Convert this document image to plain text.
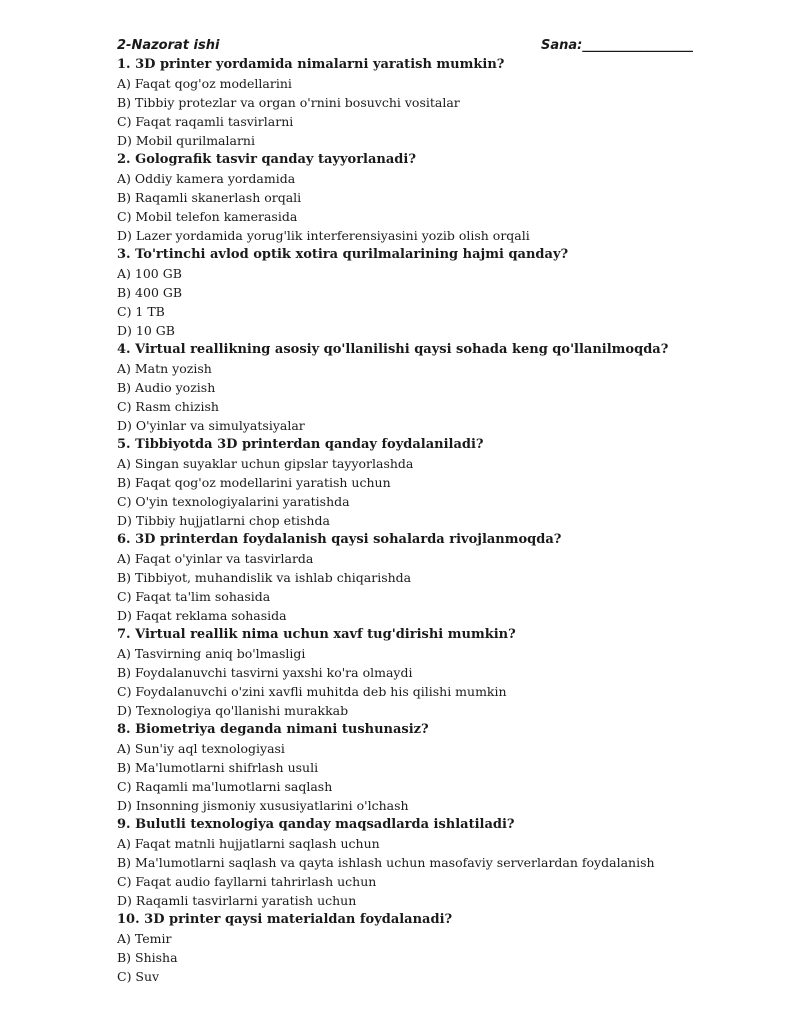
2-Nazorat ishi	Sana:_________________
1. 3D printer yordamida nimalarni yaratish mumkin?
A) Faqat qog'oz modellarini
B) Tibbiy protezlar va organ o'rnini bosuvchi vositalar
C) Faqat raqamli tasvirlarni
D) Mobil qurilmalarni
2. Golografik tasvir qanday tayyorlanadi?
A) Oddiy kamera yordamida
B) Raqamli skanerlash orqali
C) Mobil telefon kamerasida
D) Lazer yordamida yorug'lik interferensiyasini yozib olish orqali
3. To'rtinchi avlod optik xotira qurilmalarining hajmi qanday?
A) 100 GB
B) 400 GB
C) 1 TB
D) 10 GB
4. Virtual reallikning asosiy qo'llanilishi qaysi sohada keng qo'llanilmoqda?
A) Matn yozish
B) Audio yozish
C) Rasm chizish
D) O'yinlar va simulyatsiyalar
5. Tibbiyotda 3D printerdan qanday foydalaniladi?
A) Singan suyaklar uchun gipslar tayyorlashda
B) Faqat qog'oz modellarini yaratish uchun
C) O'yin texnologiyalarini yaratishda
D) Tibbiy hujjatlarni chop etishda
6. 3D printerdan foydalanish qaysi sohalarda rivojlanmoqda?
A) Faqat o'yinlar va tasvirlarda
B) Tibbiyot, muhandislik va ishlab chiqarishda
C) Faqat ta'lim sohasida
D) Faqat reklama sohasida
7. Virtual reallik nima uchun xavf tug'dirishi mumkin?
A) Tasvirning aniq bo'lmasligi
B) Foydalanuvchi tasvirni yaxshi ko'ra olmaydi
C) Foydalanuvchi o'zini xavfli muhitda deb his qilishi mumkin
D) Texnologiya qo'llanishi murakkab
8. Biometriya deganda nimani tushunasiz?
A) Sun'iy aql texnologiyasi
B) Ma'lumotlarni shifrlash usuli
C) Raqamli ma'lumotlarni saqlash
D) Insonning jismoniy xususiyatlarini o'lchash
9. Bulutli texnologiya qanday maqsadlarda ishlatiladi?
A) Faqat matnli hujjatlarni saqlash uchun
B) Ma'lumotlarni saqlash va qayta ishlash uchun masofaviy serverlardan foydalanish
C) Faqat audio fayllarni tahrirlash uchun
D) Raqamli tasvirlarni yaratish uchun
10. 3D printer qaysi materialdan foydalanadi?
A) Temir
B) Shisha
C) Suv
